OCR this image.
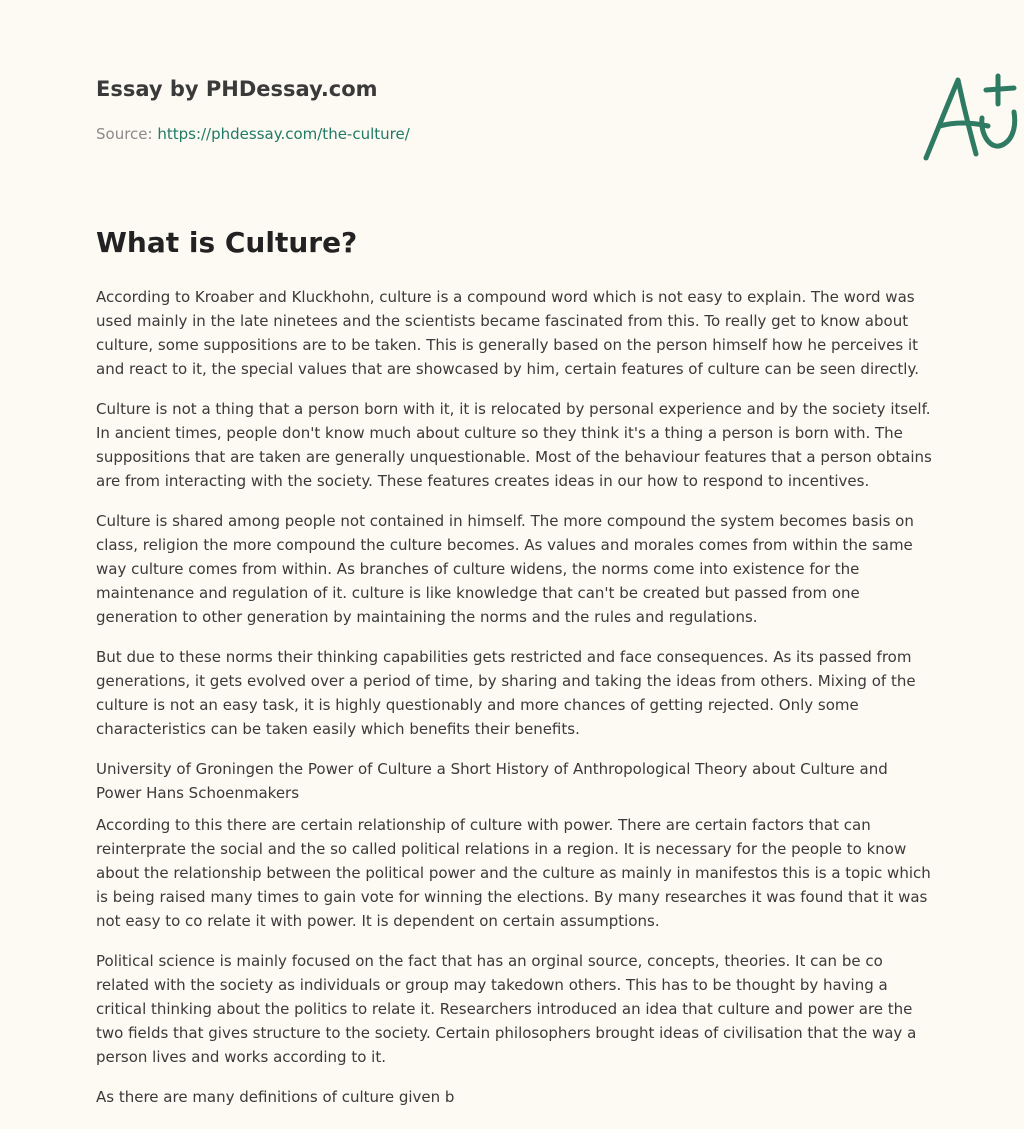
Essay by PHDessay.com
Source: https://phdessay.com/the-culture/
What is Culture?

According to Kroaber and Kluckhohn, culture is a compound word which is not easy to explain. The word was used mainly in the late ninetees and the scientists became fascinated from this. To really get to know about culture, some suppositions are to be taken. This is generally based on the person himself how he perceives it and react to it, the special values that are showcased by him, certain features of culture can be seen directly.

Culture is not a thing that a person born with it, it is relocated by personal experience and by the society itself. In ancient times, people don't know much about culture so they think it's a thing a person is born with. The suppositions that are taken are generally unquestionable. Most of the behaviour features that a person obtains are from interacting with the society. These features creates ideas in our how to respond to incentives.

Culture is shared among people not contained in himself. The more compound the system becomes basis on class, religion the more compound the culture becomes. As values and morales comes from within the same way culture comes from within. As branches of culture widens, the norms come into existence for the maintenance and regulation of it. culture is like knowledge that can't be created but passed from one generation to other generation by maintaining the norms and the rules and regulations.

But due to these norms their thinking capabilities gets restricted and face consequences. As its passed from generations, it gets evolved over a period of time, by sharing and taking the ideas from others. Mixing of the culture is not an easy task, it is highly questionably and more chances of getting rejected. Only some characteristics can be taken easily which benefits their benefits.

University of Groningen the Power of Culture a Short History of Anthropological Theory about Culture and Power Hans Schoenmakers

According to this there are certain relationship of culture with power. There are certain factors that can reinterprate the social and the so called political relations in a region. It is necessary for the people to know about the relationship between the political power and the culture as mainly in manifestos this is a topic which is being raised many times to gain vote for winning the elections. By many researches it was found that it was not easy to co relate it with power. It is dependent on certain assumptions.

Political science is mainly focused on the fact that has an orginal source, concepts, theories. It can be co related with the society as individuals or group may takedown others. This has to be thought by having a critical thinking about the politics to relate it. Researchers introduced an idea that culture and power are the two fields that gives structure to the society. Certain philosophers brought ideas of civilisation that the way a person lives and works according to it.

As there are many definitions of culture given b
